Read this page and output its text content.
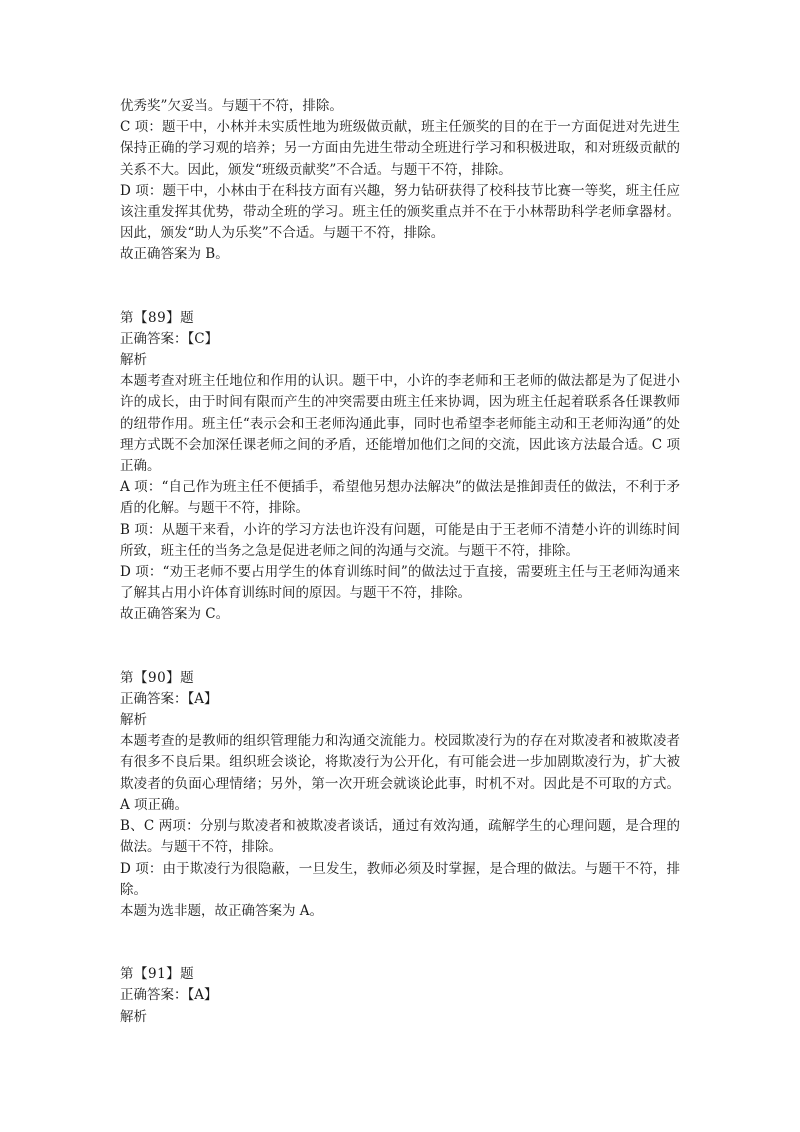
优秀奖”欠妥当。与题干不符，排除。

C 项：题干中，小林并未实质性地为班级做贡献，班主任颁奖的目的在于一方面促进对先进生保持正确的学习观的培养；另一方面由先进生带动全班进行学习和积极进取，和对班级贡献的关系不大。因此，颁发“班级贡献奖”不合适。与题干不符，排除。

D 项：题干中，小林由于在科技方面有兴趣，努力钻研获得了校科技节比赛一等奖，班主任应该注重发挥其优势，带动全班的学习。班主任的颁奖重点并不在于小林帮助科学老师拿器材。因此，颁发“助人为乐奖”不合适。与题干不符，排除。

故正确答案为 B。

第【89】题

正确答案：【C】

解析

本题考查对班主任地位和作用的认识。题干中，小许的李老师和王老师的做法都是为了促进小许的成长，由于时间有限而产生的冲突需要由班主任来协调，因为班主任起着联系各任课教师的纽带作用。班主任“表示会和王老师沟通此事，同时也希望李老师能主动和王老师沟通”的处理方式既不会加深任课老师之间的矛盾，还能增加他们之间的交流，因此该方法最合适。C 项正确。

A 项：“自己作为班主任不便插手，希望他另想办法解决”的做法是推卸责任的做法，不利于矛盾的化解。与题干不符，排除。

B 项：从题干来看，小许的学习方法也许没有问题，可能是由于王老师不清楚小许的训练时间所致，班主任的当务之急是促进老师之间的沟通与交流。与题干不符，排除。

D 项：“劝王老师不要占用学生的体育训练时间”的做法过于直接，需要班主任与王老师沟通来了解其占用小许体育训练时间的原因。与题干不符，排除。

故正确答案为 C。

第【90】题

正确答案：【A】

解析

本题考查的是教师的组织管理能力和沟通交流能力。校园欺凌行为的存在对欺凌者和被欺凌者有很多不良后果。组织班会谈论，将欺凌行为公开化，有可能会进一步加剧欺凌行为，扩大被欺凌者的负面心理情绪；另外，第一次开班会就谈论此事，时机不对。因此是不可取的方式。A 项正确。

B、C 两项：分别与欺凌者和被欺凌者谈话，通过有效沟通，疏解学生的心理问题，是合理的做法。与题干不符，排除。

D 项：由于欺凌行为很隐蔽，一旦发生，教师必须及时掌握，是合理的做法。与题干不符，排除。

本题为选非题，故正确答案为 A。

第【91】题

正确答案：【A】

解析
